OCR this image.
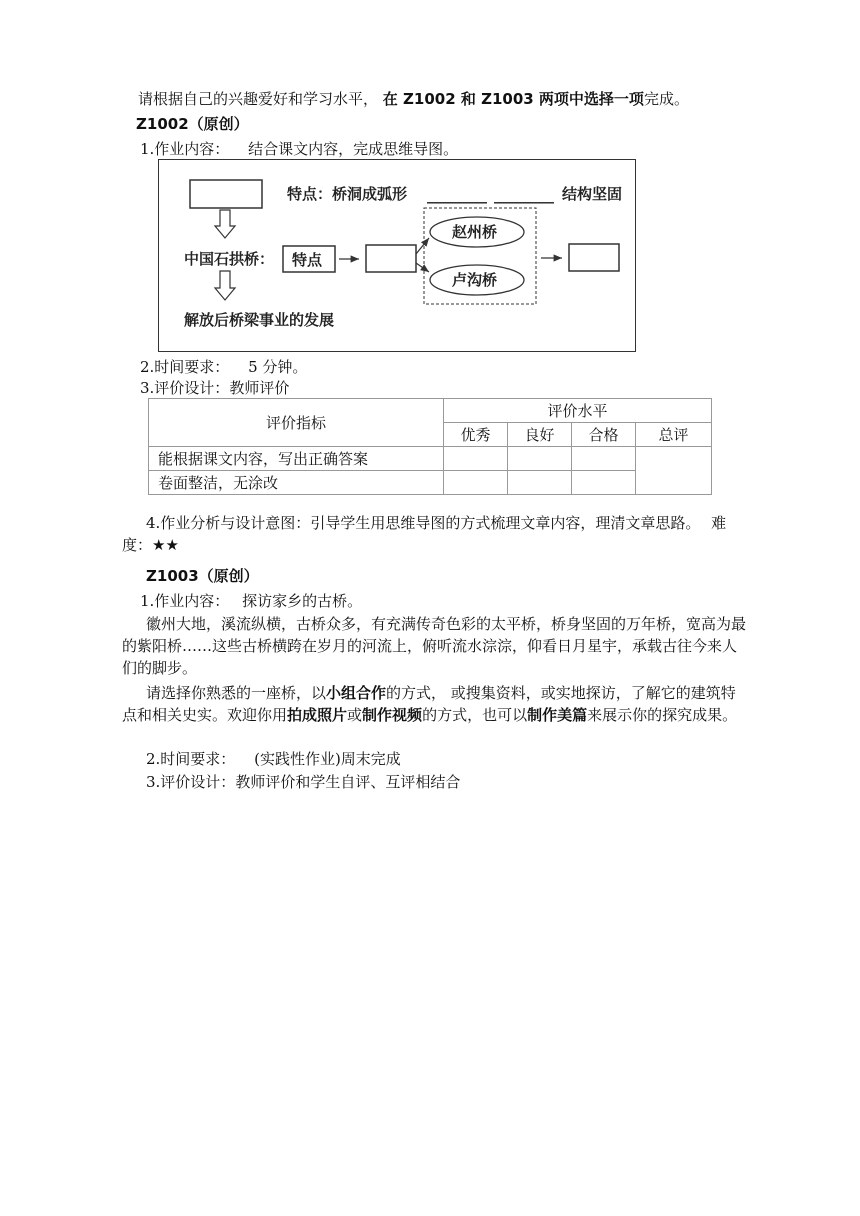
请根据自己的兴趣爱好和学习水平， 在 Z1002 和 Z1003 两项中选择一项完成。
Z1002（原创）
1.作业内容： 结合课文内容，完成思维导图。
特点：桥洞成弧形 ________ ________ 结构坚固
中国石拱桥： 特点
赵州桥
卢沟桥
解放后桥梁事业的发展
2.时间要求： 5 分钟。
3.评价设计：教师评价
评价指标	评价水平			
	优秀	良好	合格	总评
能根据课文内容，写出正确答案				
卷面整洁，无涂改				

4.作业分析与设计意图：引导学生用思维导图的方式梳理文章内容，理清文章思路。 难度：★★

Z1003（原创）
1.作业内容： 探访家乡的古桥。

徽州大地，溪流纵横，古桥众多，有充满传奇色彩的太平桥，桥身坚固的万年桥，宽高为最的紫阳桥……这些古桥横跨在岁月的河流上，俯听流水淙淙，仰看日月星宇，承载古往今来人们的脚步。

请选择你熟悉的一座桥，以小组合作的方式， 或搜集资料，或实地探访，了解它的建筑特点和相关史实。欢迎你用拍成照片或制作视频的方式，也可以制作美篇来展示你的探究成果。

2.时间要求： (实践性作业)周末完成
3.评价设计：教师评价和学生自评、互评相结合
